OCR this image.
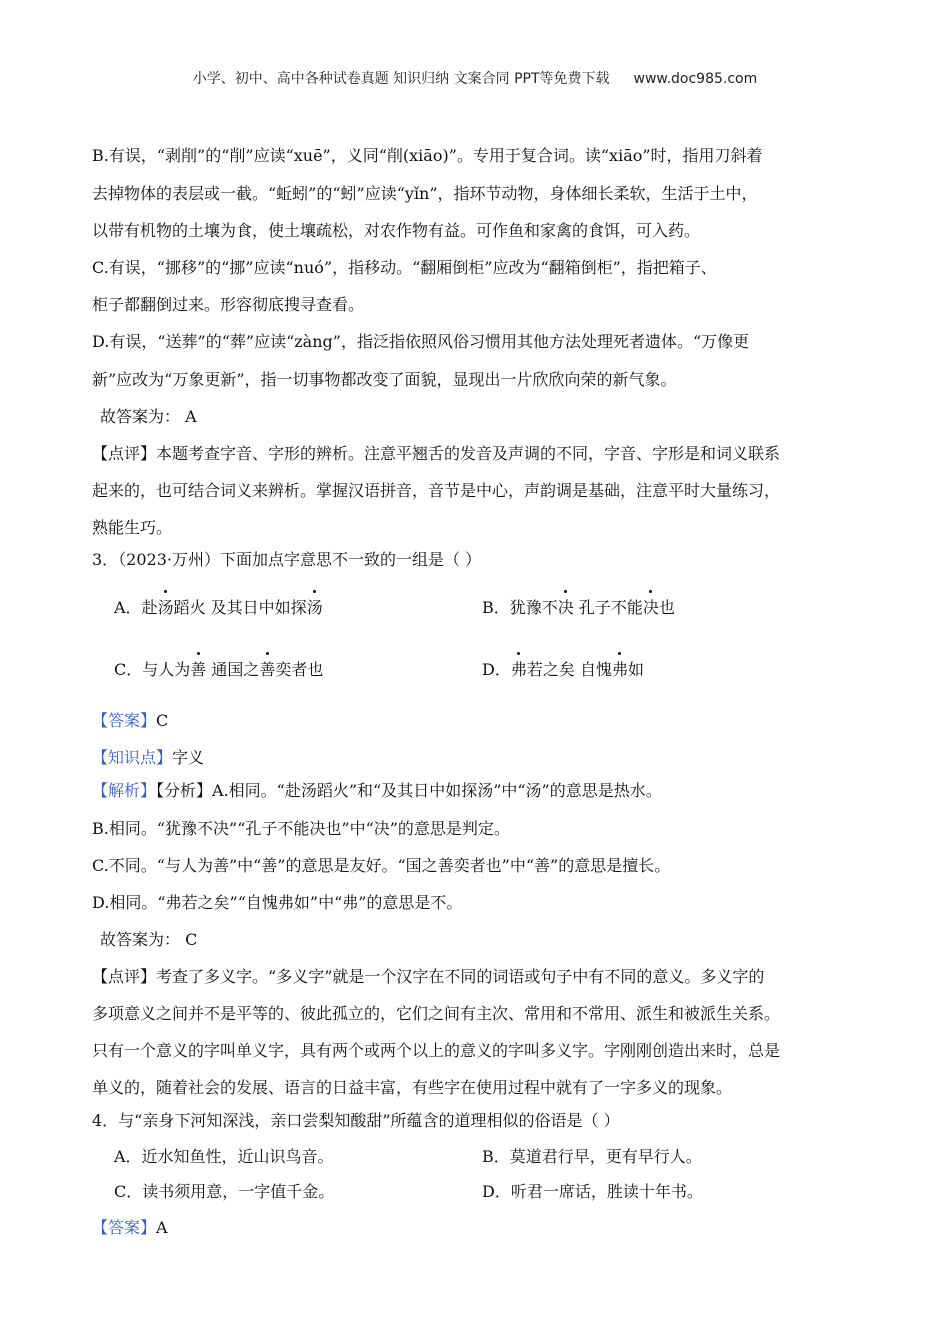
小学、初中、高中各种试卷真题 知识归纳 文案合同 PPT等免费下载 www.doc985.com
B.有误，“剥削”的“削”应读“xuē”，义同“削(xiāo)”。专用于复合词。读“xiāo”时，指用刀斜着
去掉物体的表层或一截。“蚯蚓”的“蚓”应读“yǐn”，指环节动物，身体细长柔软，生活于土中，
以带有机物的土壤为食，使土壤疏松，对农作物有益。可作鱼和家禽的食饵，可入药。
C.有误，“挪移”的“挪”应读“nuó”，指移动。“翻厢倒柜”应改为“翻箱倒柜”，指把箱子、
柜子都翻倒过来。形容彻底搜寻查看。
D.有误，“送葬”的“葬”应读“zàng”，指泛指依照风俗习惯用其他方法处理死者遗体。“万像更
新”应改为“万象更新”，指一切事物都改变了面貌，显现出一片欣欣向荣的新气象。
故答案为： A
【点评】本题考查字音、字形的辨析。注意平翘舌的发音及声调的不同，字音、字形是和词义联系
起来的，也可结合词义来辨析。掌握汉语拼音，音节是中心，声韵调是基础，注意平时大量练习，
熟能生巧。
3．（2023·万州）下面加点字意思不一致的一组是（ ）
A．赴汤蹈火 及其日中如探汤	B．犹豫不决 孔子不能决也
C．与人为善 通国之善奕者也	D．弗若之矣 自愧弗如
【答案】C
【知识点】字义
【解析】【分析】A.相同。“赴汤蹈火”和“及其日中如探汤”中“汤”的意思是热水。
B.相同。“犹豫不决”“孔子不能决也”中“决”的意思是判定。
C.不同。“与人为善”中“善”的意思是友好。“国之善奕者也”中“善”的意思是擅长。
D.相同。“弗若之矣”“自愧弗如”中“弗”的意思是不。
故答案为： C
【点评】考查了多义字。“多义字”就是一个汉字在不同的词语或句子中有不同的意义。多义字的
多项意义之间并不是平等的、彼此孤立的，它们之间有主次、常用和不常用、派生和被派生关系。
只有一个意义的字叫单义字，具有两个或两个以上的意义的字叫多义字。字刚刚创造出来时，总是
单义的，随着社会的发展、语言的日益丰富，有些字在使用过程中就有了一字多义的现象。
4．与“亲身下河知深浅，亲口尝梨知酸甜”所蕴含的道理相似的俗语是（ ）
A．近水知鱼性，近山识鸟音。	B．莫道君行早，更有早行人。
C．读书须用意，一字值千金。	D．听君一席话，胜读十年书。
【答案】A
